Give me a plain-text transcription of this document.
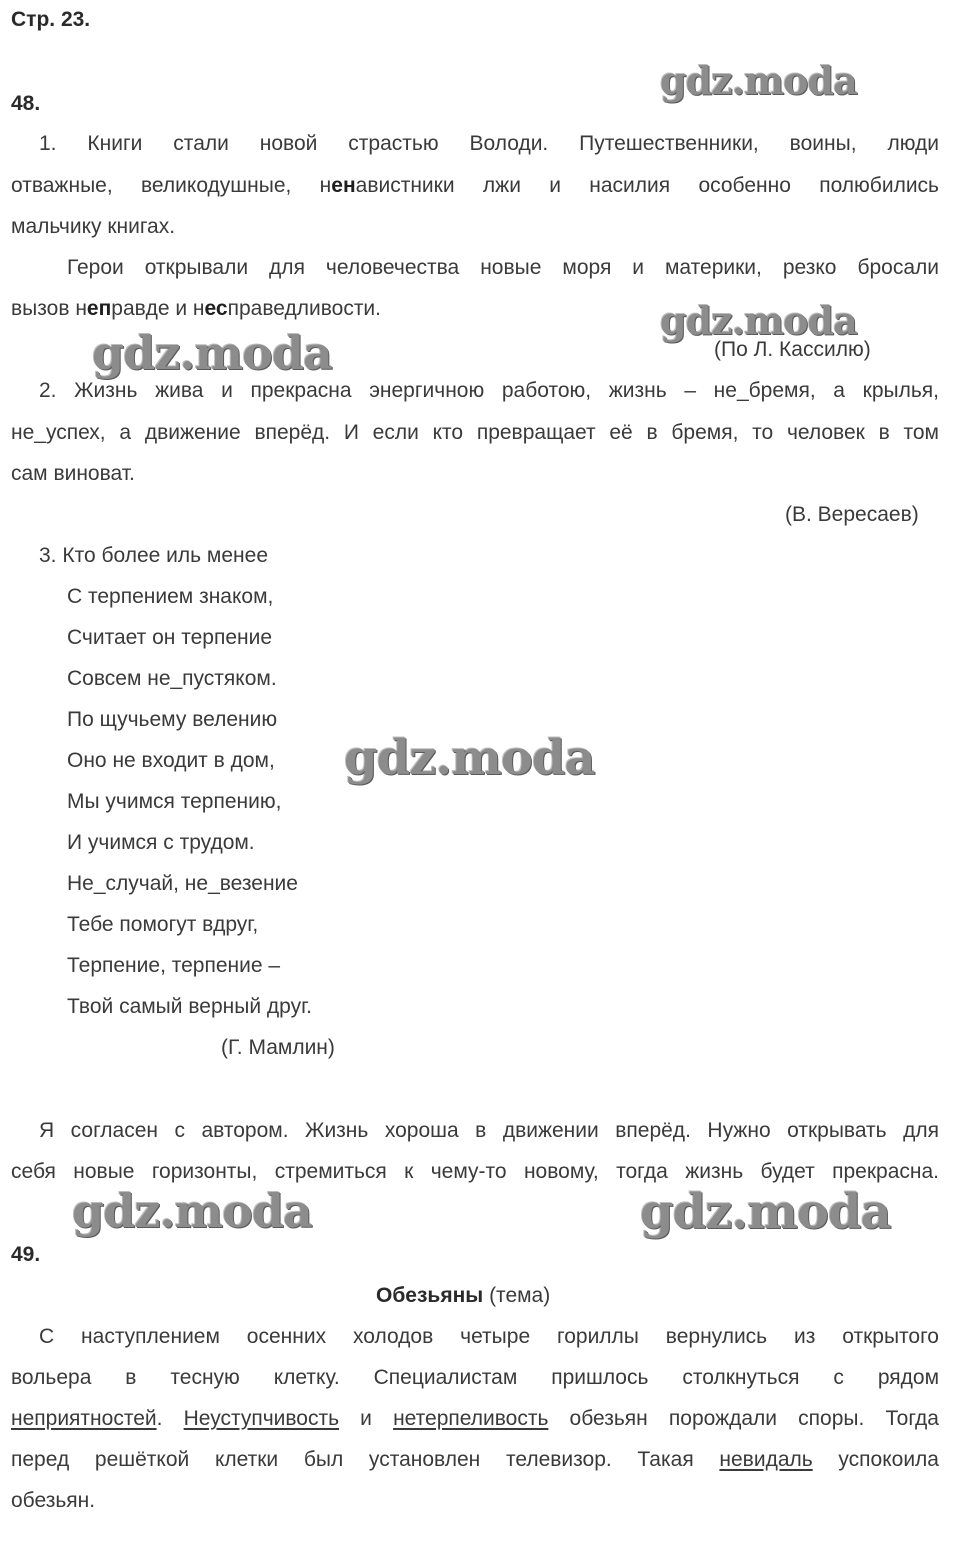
Стр. 23.
gdz.moda
gdz.moda
gdz.moda
gdz.moda
gdz.moda	gdz.moda
48.
1. Книги стали новой страстью Володи. Путешественники, воины, люди
отважные, великодушные, ненавистники лжи и насилия особенно полюбились
мальчику книгах.
Герои открывали для человечества новые моря и материки, резко бросали
вызов неправде и несправедливости.
(По Л. Кассилю)
2. Жизнь жива и прекрасна энергичною работою, жизнь – не_бремя, а крылья,
не_успех, а движение вперёд. И если кто превращает её в бремя, то человек в том
сам виноват.
(В. Вересаев)
3. Кто более иль менее
С терпением знаком,
Считает он терпение
Совсем не_пустяком.
По щучьему велению
Оно не входит в дом,
Мы учимся терпению,
И учимся с трудом.
Не_случай, не_везение
Тебе помогут вдруг,
Терпение, терпение –
Твой самый верный друг.
(Г. Мамлин)
Я согласен с автором. Жизнь хороша в движении вперёд. Нужно открывать для
себя новые горизонты, стремиться к чему-то новому, тогда жизнь будет прекрасна.
49.
Обезьяны (тема)
С наступлением осенних холодов четыре гориллы вернулись из открытого
вольера в тесную клетку. Специалистам пришлось столкнуться с рядом
неприятностей. Неуступчивость и нетерпеливость обезьян порождали споры. Тогда
перед решёткой клетки был установлен телевизор. Такая невидаль успокоила
обезьян.
